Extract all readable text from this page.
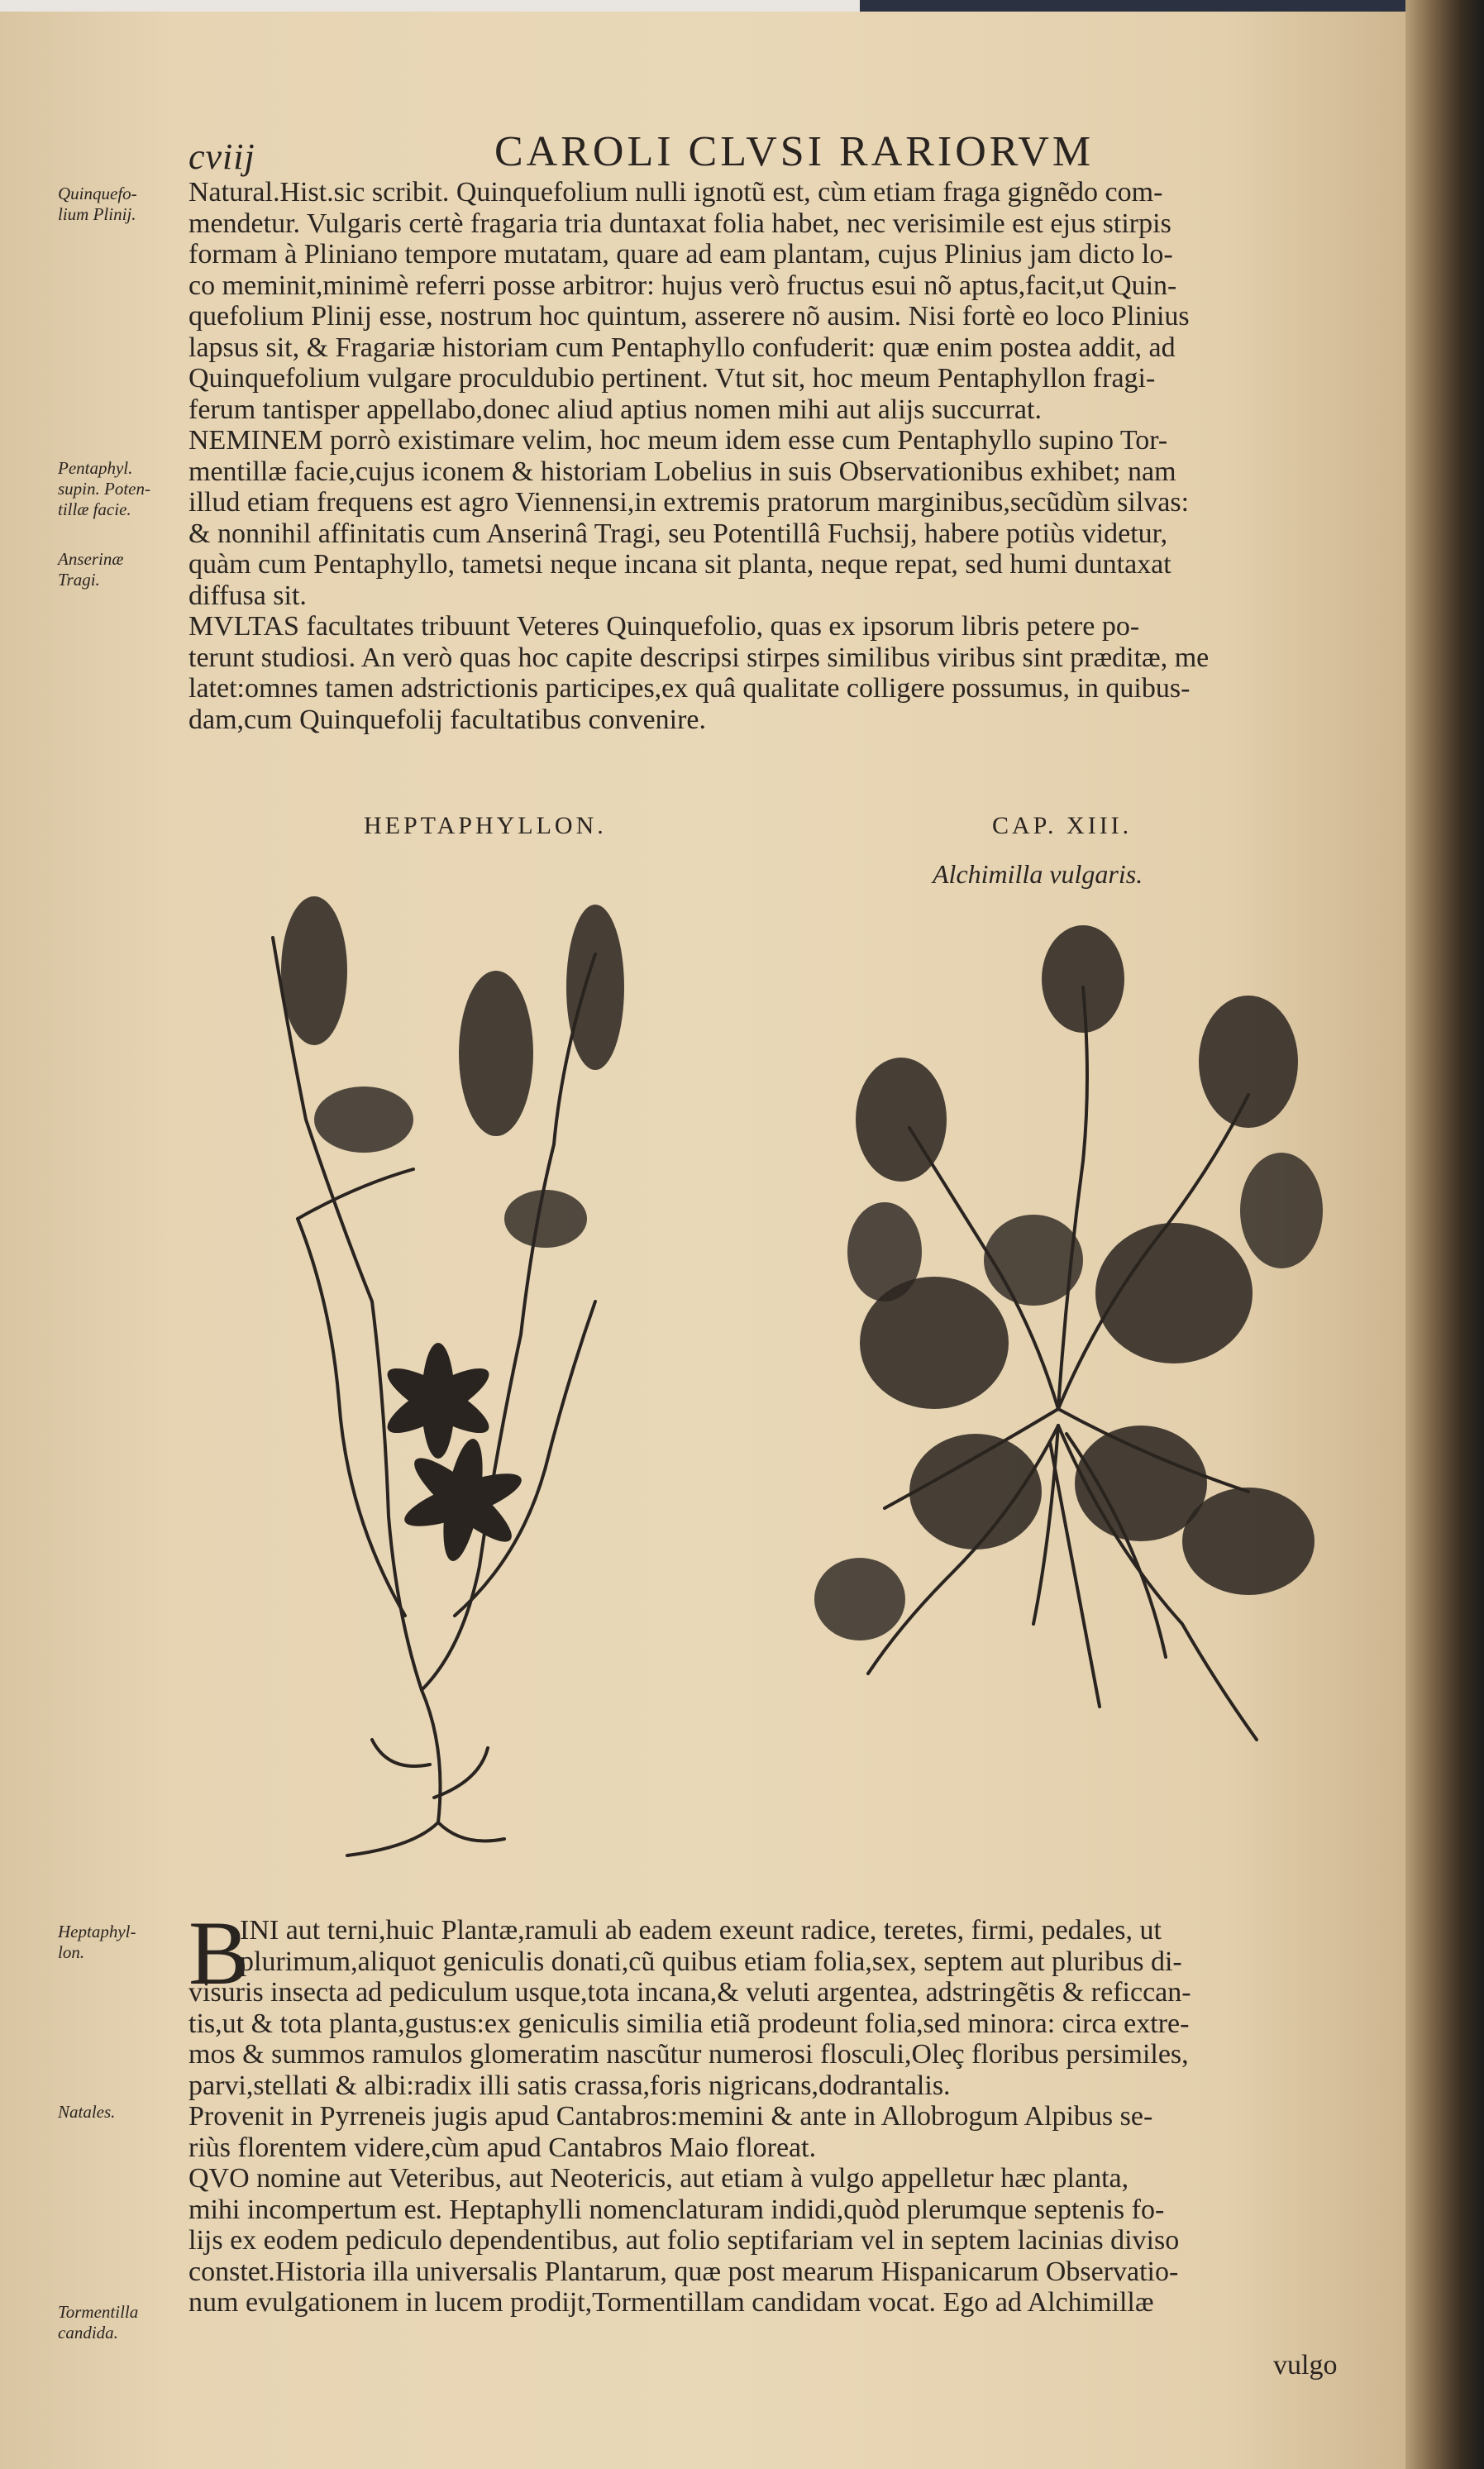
cviij	CAROLI CLVSI RARIORVM
Quinquefo-
lium Plinij.
Pentaphyl.
supin. Poten-
tillæ facie.
Anserinæ
Tragi.
Heptaphyl-
lon.
Natales.
Tormentilla
candida.
Natural.Hist.sic scribit. Quinquefolium nulli ignotũ est, cùm etiam fraga gignẽdo com-
mendetur. Vulgaris certè fragaria tria duntaxat folia habet, nec verisimile est ejus stirpis
formam à Pliniano tempore mutatam, quare ad eam plantam, cujus Plinius jam dicto lo-
co meminit,minimè referri posse arbitror: hujus verò fructus esui nõ aptus,facit,ut Quin-
quefolium Plinij esse, nostrum hoc quintum, asserere nõ ausim. Nisi fortè eo loco Plinius
lapsus sit, & Fragariæ historiam cum Pentaphyllo confuderit: quæ enim postea addit, ad
Quinquefolium vulgare proculdubio pertinent. Vtut sit, hoc meum Pentaphyllon fragi-
ferum tantisper appellabo,donec aliud aptius nomen mihi aut alijs succurrat.
NEMINEM porrò existimare velim, hoc meum idem esse cum Pentaphyllo supino Tor-
mentillæ facie,cujus iconem & historiam Lobelius in suis Observationibus exhibet; nam
illud etiam frequens est agro Viennensi,in extremis pratorum marginibus,secũdùm silvas:
& nonnihil affinitatis cum Anserinâ Tragi, seu Potentillâ Fuchsij, habere potiùs videtur,
quàm cum Pentaphyllo, tametsi neque incana sit planta, neque repat, sed humi duntaxat
diffusa sit.
MVLTAS facultates tribuunt Veteres Quinquefolio, quas ex ipsorum libris petere po-
terunt studiosi. An verò quas hoc capite descripsi stirpes similibus viribus sint præditæ, me
latet:omnes tamen adstrictionis participes,ex quâ qualitate colligere possumus, in quibus-
dam,cum Quinquefolij facultatibus convenire.
HEPTAPHYLLON.	CAP. XIII.
Alchimilla vulgaris.
B
INI aut terni,huic Plantæ,ramuli ab eadem exeunt radice, teretes, firmi, pedales, ut
plurimum,aliquot geniculis donati,cũ quibus etiam folia,sex, septem aut pluribus di-
visuris insecta ad pediculum usque,tota incana,& veluti argentea, adstringẽtis & reficcan-
tis,ut & tota planta,gustus:ex geniculis similia etiã prodeunt folia,sed minora: circa extre-
mos & summos ramulos glomeratim nascũtur numerosi flosculi,Oleç floribus persimiles,
parvi,stellati & albi:radix illi satis crassa,foris nigricans,dodrantalis.
Provenit in Pyrreneis jugis apud Cantabros:memini & ante in Allobrogum Alpibus se-
riùs florentem videre,cùm apud Cantabros Maio floreat.
QVO nomine aut Veteribus, aut Neotericis, aut etiam à vulgo appelletur hæc planta,
mihi incompertum est. Heptaphylli nomenclaturam indidi,quòd plerumque septenis fo-
lijs ex eodem pediculo dependentibus, aut folio septifariam vel in septem lacinias diviso
constet.Historia illa universalis Plantarum, quæ post mearum Hispanicarum Observatio-
num evulgationem in lucem prodijt,Tormentillam candidam vocat. Ego ad Alchimillæ
vulgo
